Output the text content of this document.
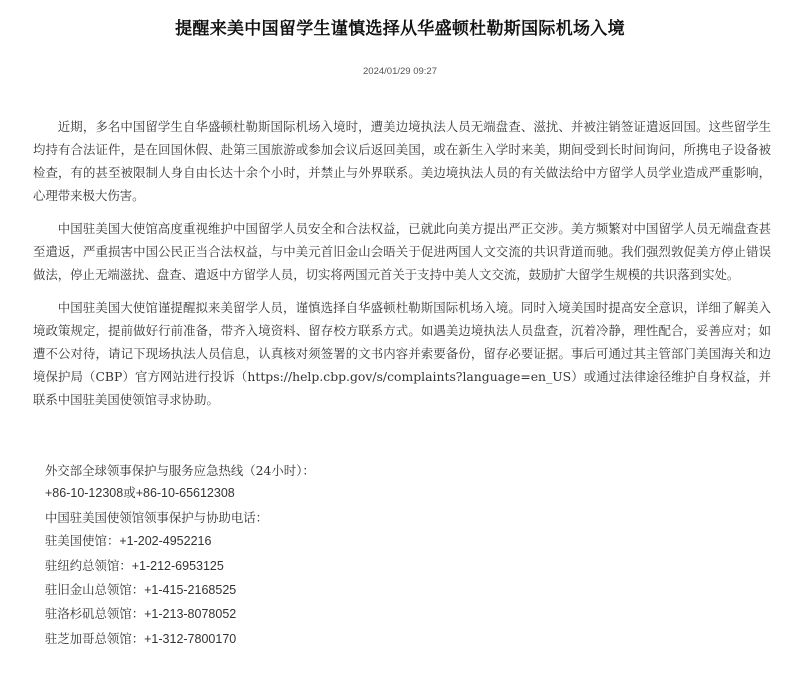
提醒来美中国留学生谨慎选择从华盛顿杜勒斯国际机场入境
2024/01/29 09:27

近期，多名中国留学生自华盛顿杜勒斯国际机场入境时，遭美边境执法人员无端盘查、滋扰、并被注销签证遣返回国。这些留学生均持有合法证件，是在回国休假、赴第三国旅游或参加会议后返回美国，或在新生入学时来美，期间受到长时间询问，所携电子设备被检查，有的甚至被限制人身自由长达十余个小时，并禁止与外界联系。美边境执法人员的有关做法给中方留学人员学业造成严重影响，心理带来极大伤害。

中国驻美国大使馆高度重视维护中国留学人员安全和合法权益，已就此向美方提出严正交涉。美方频繁对中国留学人员无端盘查甚至遣返，严重损害中国公民正当合法权益，与中美元首旧金山会晤关于促进两国人文交流的共识背道而驰。我们强烈敦促美方停止错误做法，停止无端滋扰、盘查、遣返中方留学人员，切实将两国元首关于支持中美人文交流，鼓励扩大留学生规模的共识落到实处。

中国驻美国大使馆谨提醒拟来美留学人员，谨慎选择自华盛顿杜勒斯国际机场入境。同时入境美国时提高安全意识，详细了解美入境政策规定，提前做好行前准备，带齐入境资料、留存校方联系方式。如遇美边境执法人员盘查，沉着冷静，理性配合，妥善应对；如遭不公对待，请记下现场执法人员信息，认真核对须签署的文书内容并索要备份，留存必要证据。事后可通过其主管部门美国海关和边境保护局（CBP）官方网站进行投诉（https://help.cbp.gov/s/complaints?language=en_US）或通过法律途径维护自身权益，并联系中国驻美国使领馆寻求协助。

外交部全球领事保护与服务应急热线（24小时）：
+86-10-12308或+86-10-65612308
中国驻美国使领馆领事保护与协助电话：
驻美国使馆：+1-202-4952216
驻纽约总领馆：+1-212-6953125
驻旧金山总领馆：+1-415-2168525
驻洛杉矶总领馆：+1-213-8078052
驻芝加哥总领馆：+1-312-7800170
